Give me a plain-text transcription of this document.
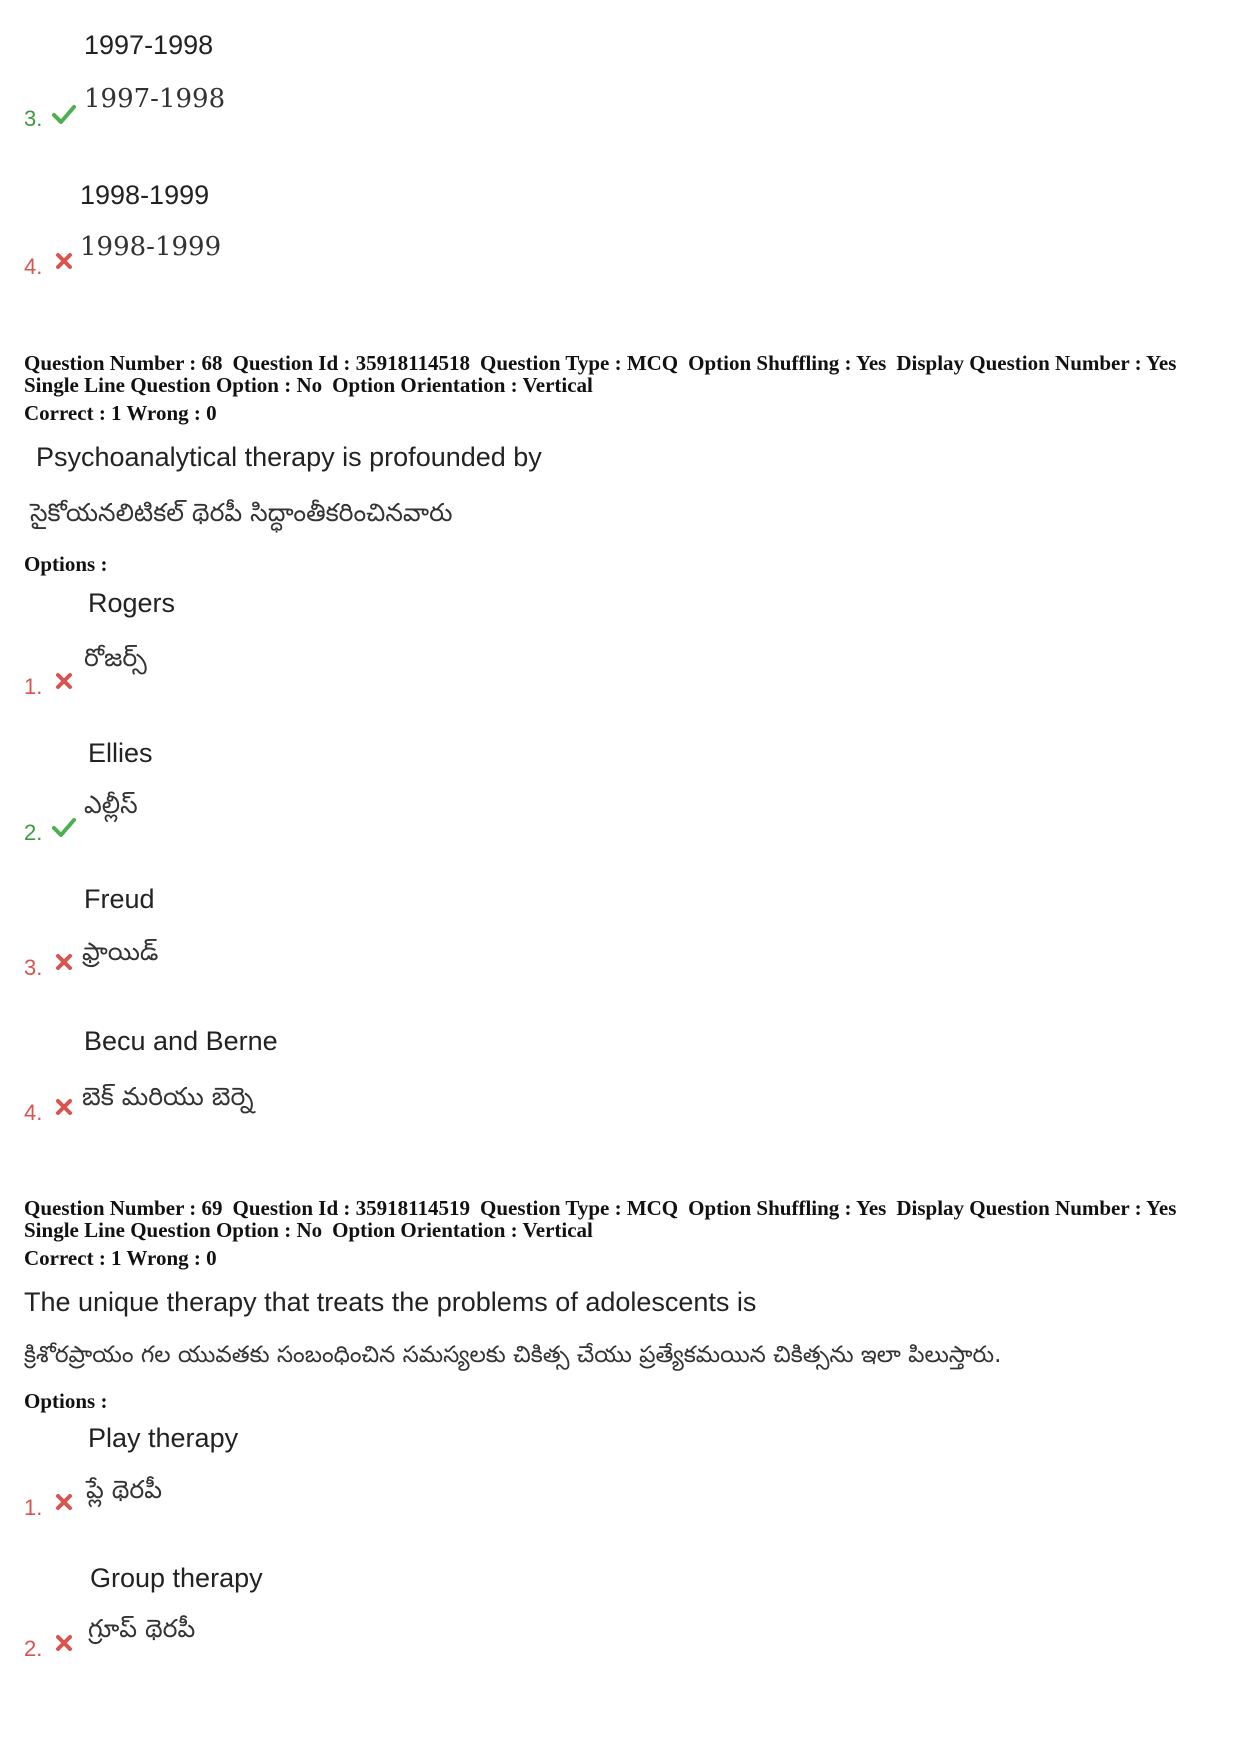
1997-1998
1997-1998
3.
1998-1999
1998-1999
4.
Question Number : 68 Question Id : 35918114518 Question Type : MCQ Option Shuffling : Yes Display Question Number : Yes
Single Line Question Option : No Option Orientation : Vertical
Correct : 1 Wrong : 0
Psychoanalytical therapy is profounded by
సైకోయనలిటికల్ థెరపీ సిద్ధాంతీకరించినవారు
Options :
Rogers
రోజర్స్
1.
Ellies
ఎల్లీస్
2.
Freud
ఫ్రాయిడ్
3.
Becu and Berne
బెక్ మరియు బెర్నె
4.
Question Number : 69 Question Id : 35918114519 Question Type : MCQ Option Shuffling : Yes Display Question Number : Yes
Single Line Question Option : No Option Orientation : Vertical
Correct : 1 Wrong : 0
The unique therapy that treats the problems of adolescents is
క్రిశోరప్రాయం గల యువతకు సంబంధించిన సమస్యలకు చికిత్స చేయు ప్రత్యేకమయిన చికిత్సను ఇలా పిలుస్తారు.
Options :
Play therapy
ప్లే థెరపీ
1.
Group therapy
గ్రూప్ థెరపీ
2.
